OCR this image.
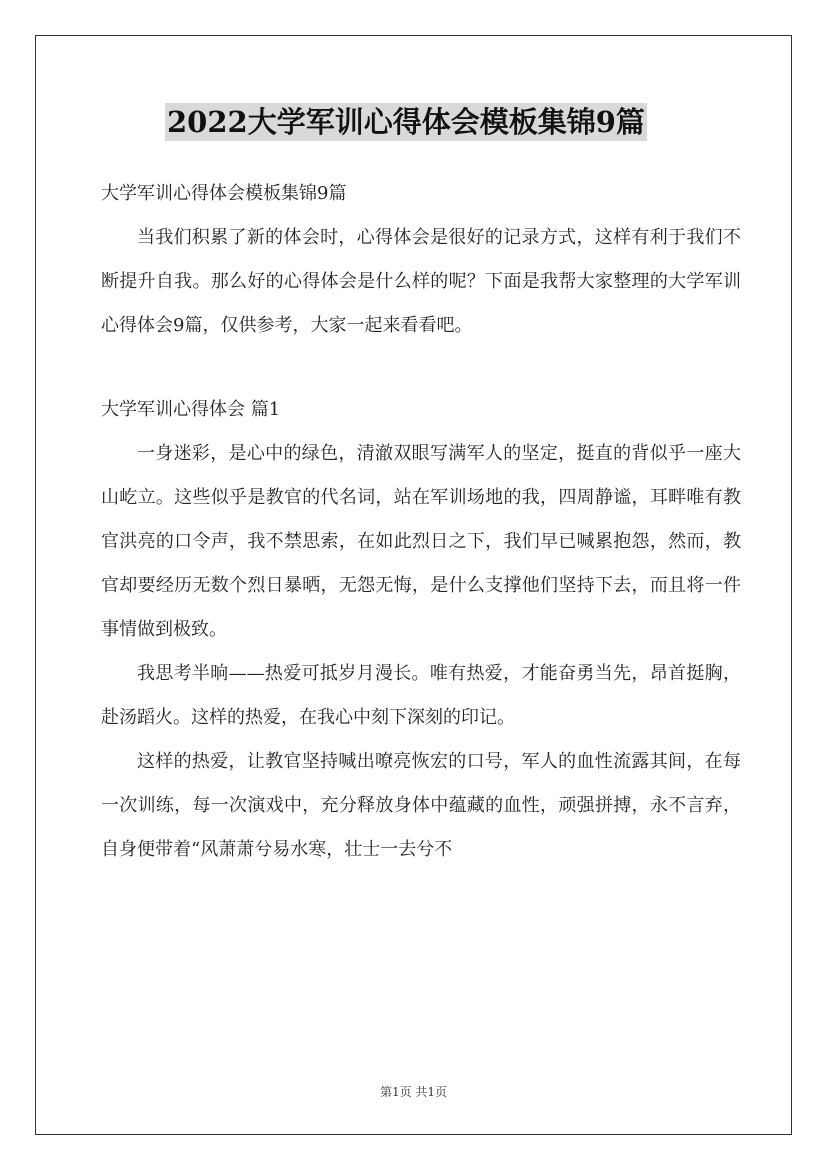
2022大学军训心得体会模板集锦9篇

大学军训心得体会模板集锦9篇

当我们积累了新的体会时，心得体会是很好的记录方式，这样有利于我们不断提升自我。那么好的心得体会是什么样的呢？下面是我帮大家整理的大学军训心得体会9篇，仅供参考，大家一起来看看吧。

大学军训心得体会 篇1

一身迷彩，是心中的绿色，清澈双眼写满军人的坚定，挺直的背似乎一座大山屹立。这些似乎是教官的代名词，站在军训场地的我，四周静谧，耳畔唯有教官洪亮的口令声，我不禁思索，在如此烈日之下，我们早已喊累抱怨，然而，教官却要经历无数个烈日暴晒，无怨无悔，是什么支撑他们坚持下去，而且将一件事情做到极致。

我思考半晌——热爱可抵岁月漫长。唯有热爱，才能奋勇当先，昂首挺胸，赴汤蹈火。这样的热爱，在我心中刻下深刻的印记。

这样的热爱，让教官坚持喊出嘹亮恢宏的口号，军人的血性流露其间，在每一次训练，每一次演戏中，充分释放身体中蕴藏的血性，顽强拼搏，永不言弃，自身便带着“风萧萧兮易水寒，壮士一去兮不

第1页 共1页
